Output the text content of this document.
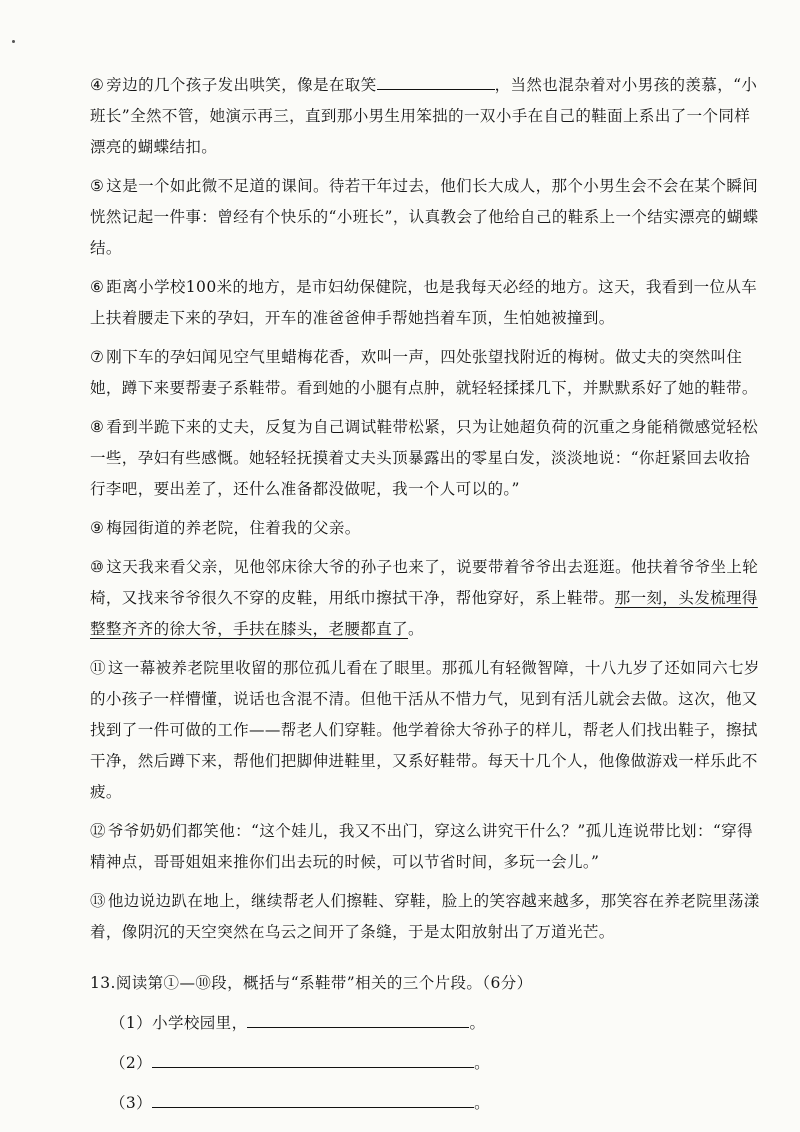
④ 旁边的几个孩子发出哄笑，像是在取笑	，当然也混杂着对小男孩的羡慕，“小班长”全然不管，她演示再三，直到那小男生用笨拙的一双小手在自己的鞋面上系出了一个同样漂亮的蝴蝶结扣。

⑤ 这是一个如此微不足道的课间。待若干年过去，他们长大成人，那个小男生会不会在某个瞬间恍然记起一件事：曾经有个快乐的“小班长”，认真教会了他给自己的鞋系上一个结实漂亮的蝴蝶结。

⑥ 距离小学校100米的地方，是市妇幼保健院，也是我每天必经的地方。这天，我看到一位从车上扶着腰走下来的孕妇，开车的准爸爸伸手帮她挡着车顶，生怕她被撞到。

⑦ 刚下车的孕妇闻见空气里蜡梅花香，欢叫一声，四处张望找附近的梅树。做丈夫的突然叫住她，蹲下来要帮妻子系鞋带。看到她的小腿有点肿，就轻轻揉揉几下，并默默系好了她的鞋带。

⑧ 看到半跪下来的丈夫，反复为自己调试鞋带松紧，只为让她超负荷的沉重之身能稍微感觉轻松一些，孕妇有些感慨。她轻轻抚摸着丈夫头顶暴露出的零星白发，淡淡地说：“你赶紧回去收拾行李吧，要出差了，还什么准备都没做呢，我一个人可以的。”

⑨ 梅园街道的养老院，住着我的父亲。

⑩ 这天我来看父亲，见他邻床徐大爷的孙子也来了，说要带着爷爷出去逛逛。他扶着爷爷坐上轮椅，又找来爷爷很久不穿的皮鞋，用纸巾擦拭干净，帮他穿好，系上鞋带。那一刻，头发梳理得整整齐齐的徐大爷，手扶在膝头，老腰都直了。

⑪ 这一幕被养老院里收留的那位孤儿看在了眼里。那孤儿有轻微智障，十八九岁了还如同六七岁的小孩子一样懵懂，说话也含混不清。但他干活从不惜力气，见到有活儿就会去做。这次，他又找到了一件可做的工作——帮老人们穿鞋。他学着徐大爷孙子的样儿，帮老人们找出鞋子，擦拭干净，然后蹲下来，帮他们把脚伸进鞋里，又系好鞋带。每天十几个人，他像做游戏一样乐此不疲。

⑫ 爷爷奶奶们都笑他：“这个娃儿，我又不出门，穿这么讲究干什么？”孤儿连说带比划：“穿得精神点，哥哥姐姐来推你们出去玩的时候，可以节省时间，多玩一会儿。”

⑬ 他边说边趴在地上，继续帮老人们擦鞋、穿鞋，脸上的笑容越来越多，那笑容在养老院里荡漾着，像阴沉的天空突然在乌云之间开了条缝，于是太阳放射出了万道光芒。

13.阅读第①—⑩段，概括与“系鞋带”相关的三个片段。（6分）
（1）小学校园里，	。
（2）	。
（3）	。
